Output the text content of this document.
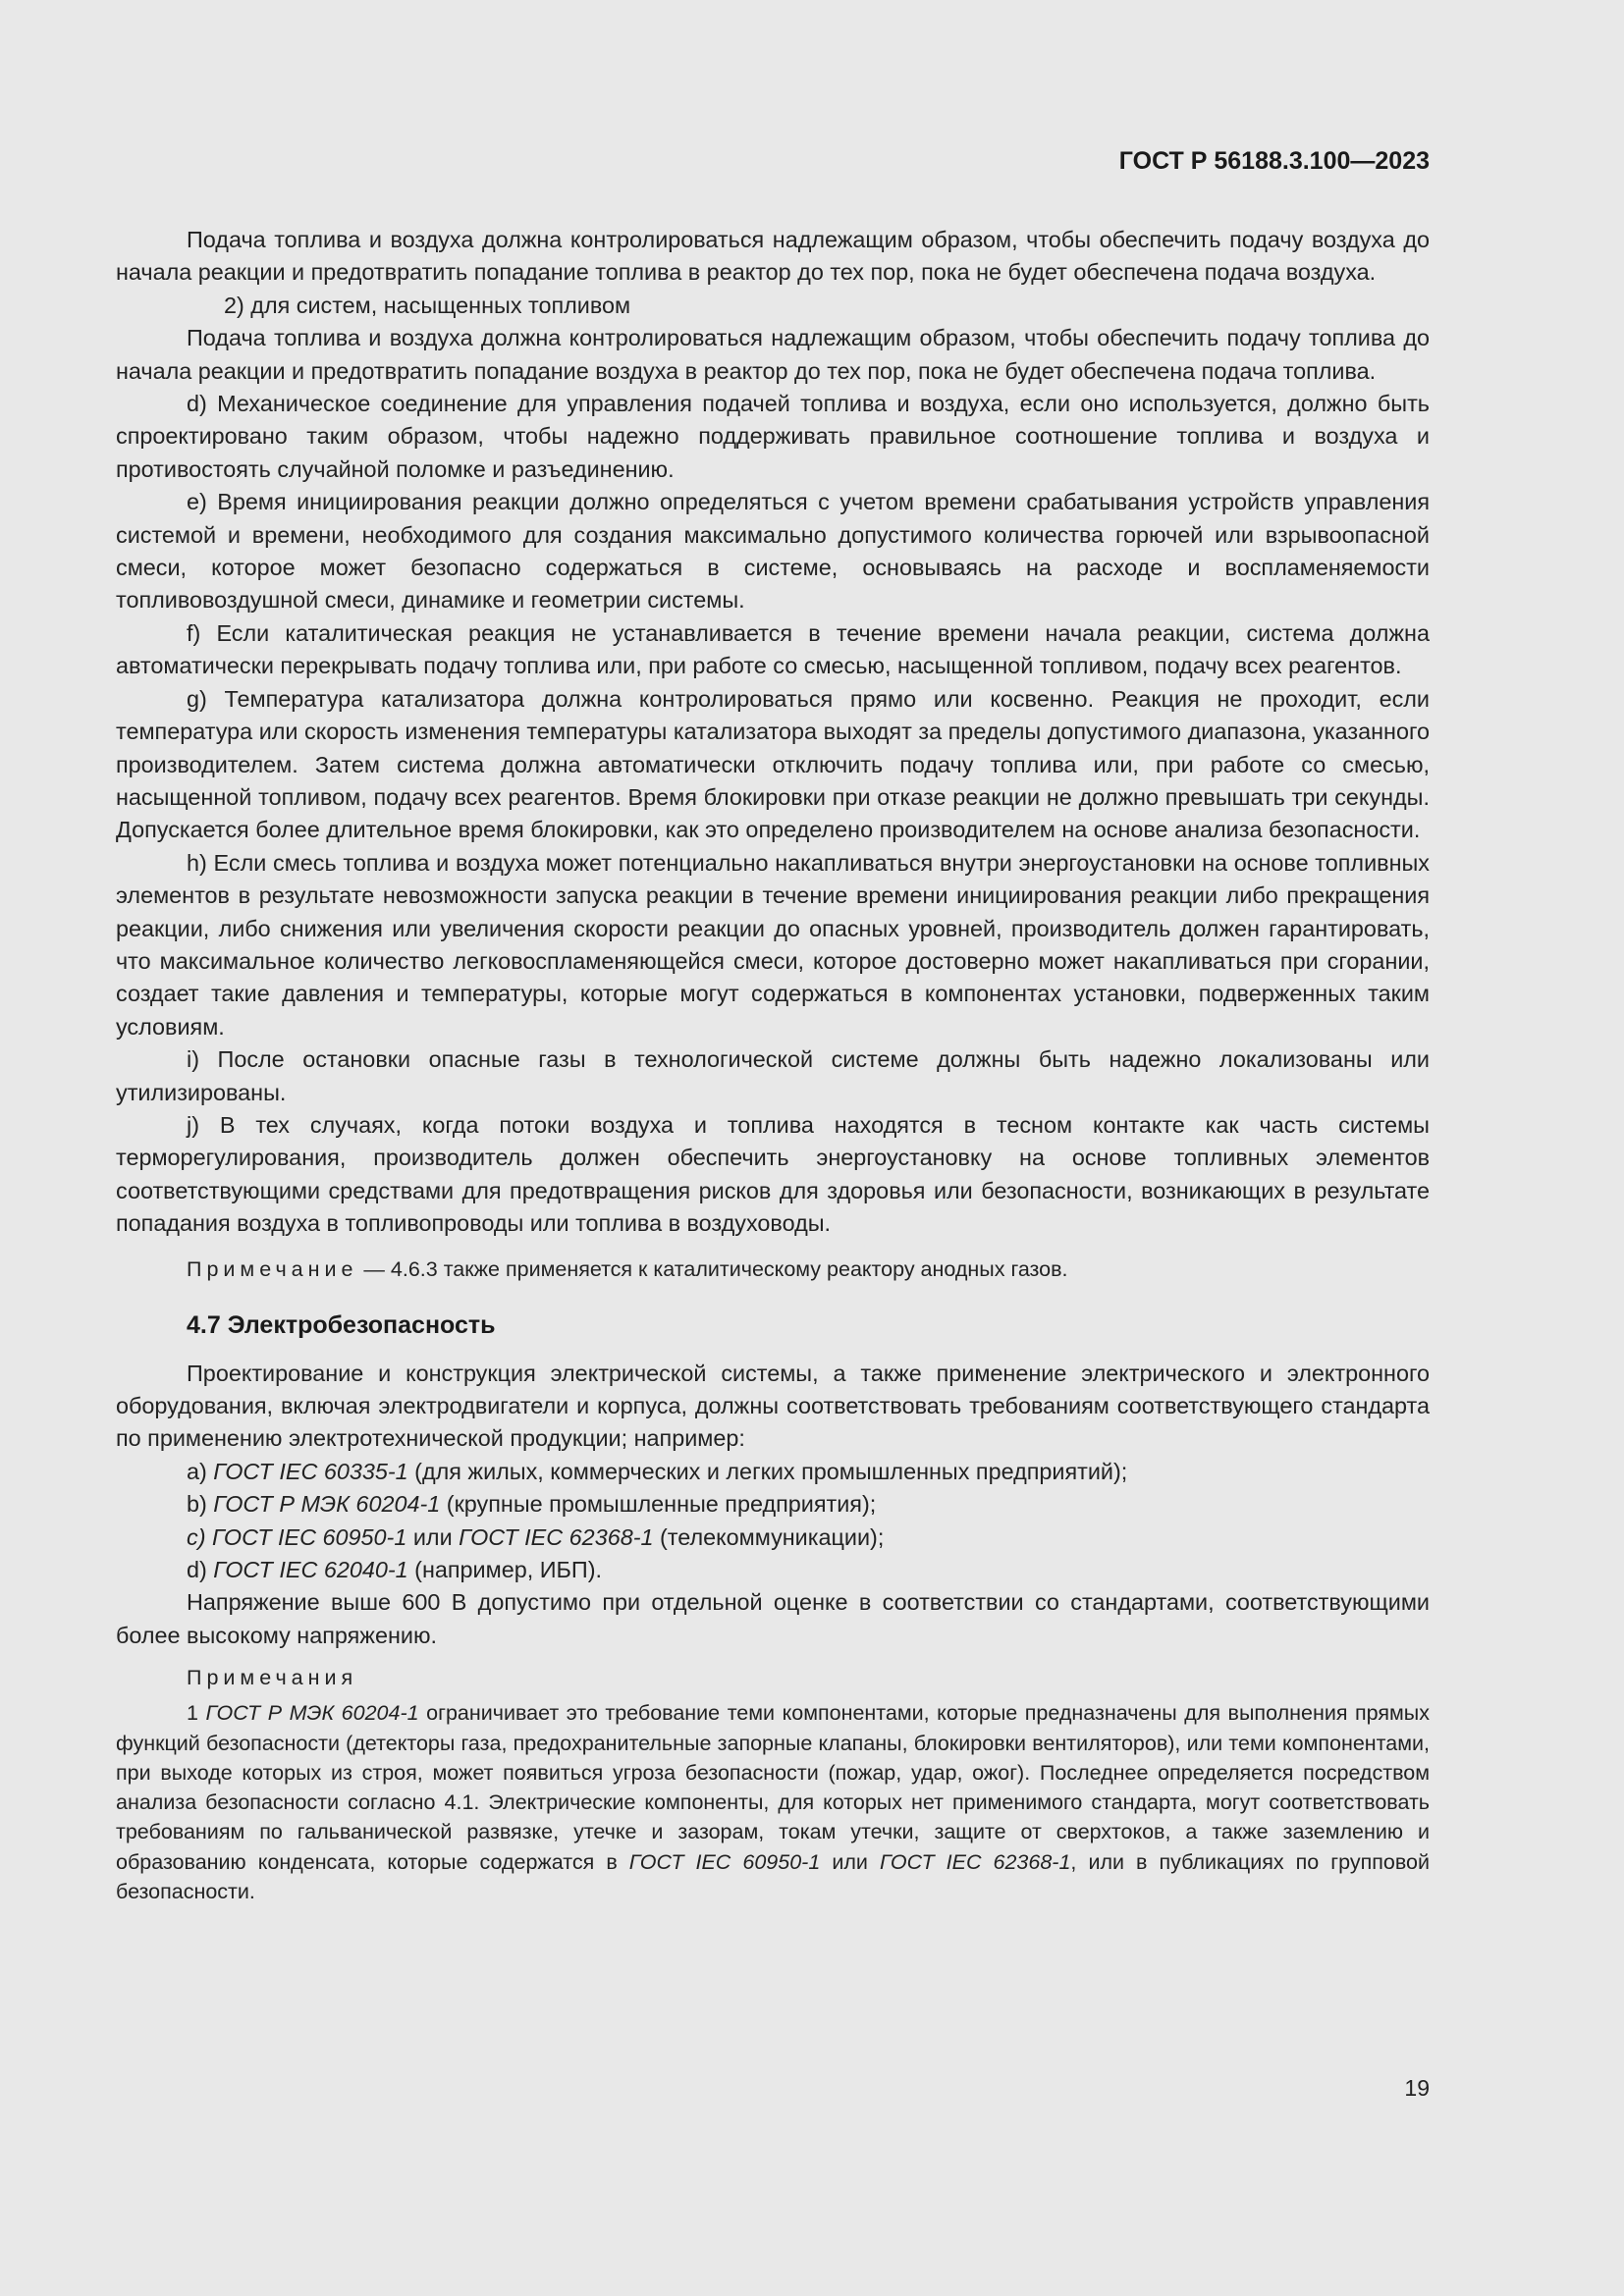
ГОСТ Р 56188.3.100—2023

Подача топлива и воздуха должна контролироваться надлежащим образом, чтобы обеспечить подачу воздуха до начала реакции и предотвратить попадание топлива в реактор до тех пор, пока не будет обеспечена подача воздуха.

2) для систем, насыщенных топливом

Подача топлива и воздуха должна контролироваться надлежащим образом, чтобы обеспечить подачу топлива до начала реакции и предотвратить попадание воздуха в реактор до тех пор, пока не будет обеспечена подача топлива.

d) Механическое соединение для управления подачей топлива и воздуха, если оно используется, должно быть спроектировано таким образом, чтобы надежно поддерживать правильное соотношение топлива и воздуха и противостоять случайной поломке и разъединению.

e) Время инициирования реакции должно определяться с учетом времени срабатывания устройств управления системой и времени, необходимого для создания максимально допустимого количества горючей или взрывоопасной смеси, которое может безопасно содержаться в системе, основываясь на расходе и воспламеняемости топливовоздушной смеси, динамике и геометрии системы.

f) Если каталитическая реакция не устанавливается в течение времени начала реакции, система должна автоматически перекрывать подачу топлива или, при работе со смесью, насыщенной топливом, подачу всех реагентов.

g) Температура катализатора должна контролироваться прямо или косвенно. Реакция не проходит, если температура или скорость изменения температуры катализатора выходят за пределы допустимого диапазона, указанного производителем. Затем система должна автоматически отключить подачу топлива или, при работе со смесью, насыщенной топливом, подачу всех реагентов. Время блокировки при отказе реакции не должно превышать три секунды. Допускается более длительное время блокировки, как это определено производителем на основе анализа безопасности.

h) Если смесь топлива и воздуха может потенциально накапливаться внутри энергоустановки на основе топливных элементов в результате невозможности запуска реакции в течение времени инициирования реакции либо прекращения реакции, либо снижения или увеличения скорости реакции до опасных уровней, производитель должен гарантировать, что максимальное количество легковоспламеняющейся смеси, которое достоверно может накапливаться при сгорании, создает такие давления и температуры, которые могут содержаться в компонентах установки, подверженных таким условиям.

i) После остановки опасные газы в технологической системе должны быть надежно локализованы или утилизированы.

j) В тех случаях, когда потоки воздуха и топлива находятся в тесном контакте как часть системы терморегулирования, производитель должен обеспечить энергоустановку на основе топливных элементов соответствующими средствами для предотвращения рисков для здоровья или безопасности, возникающих в результате попадания воздуха в топливопроводы или топлива в воздуховоды.

Примечание — 4.6.3 также применяется к каталитическому реактору анодных газов.

4.7 Электробезопасность

Проектирование и конструкция электрической системы, а также применение электрического и электронного оборудования, включая электродвигатели и корпуса, должны соответствовать требованиям соответствующего стандарта по применению электротехнической продукции; например:

a) ГОСТ IEC 60335-1 (для жилых, коммерческих и легких промышленных предприятий);

b) ГОСТ Р МЭК 60204-1 (крупные промышленные предприятия);

c) ГОСТ IEC 60950-1 или ГОСТ IEC 62368-1 (телекоммуникации);

d) ГОСТ IEC 62040-1 (например, ИБП).

Напряжение выше 600 В допустимо при отдельной оценке в соответствии со стандартами, соответствующими более высокому напряжению.

Примечания

1 ГОСТ Р МЭК 60204-1 ограничивает это требование теми компонентами, которые предназначены для выполнения прямых функций безопасности (детекторы газа, предохранительные запорные клапаны, блокировки вентиляторов), или теми компонентами, при выходе которых из строя, может появиться угроза безопасности (пожар, удар, ожог). Последнее определяется посредством анализа безопасности согласно 4.1. Электрические компоненты, для которых нет применимого стандарта, могут соответствовать требованиям по гальванической развязке, утечке и зазорам, токам утечки, защите от сверхтоков, а также заземлению и образованию конденсата, которые содержатся в ГОСТ IEC 60950-1 или ГОСТ IEC 62368-1, или в публикациях по групповой безопасности.

19
